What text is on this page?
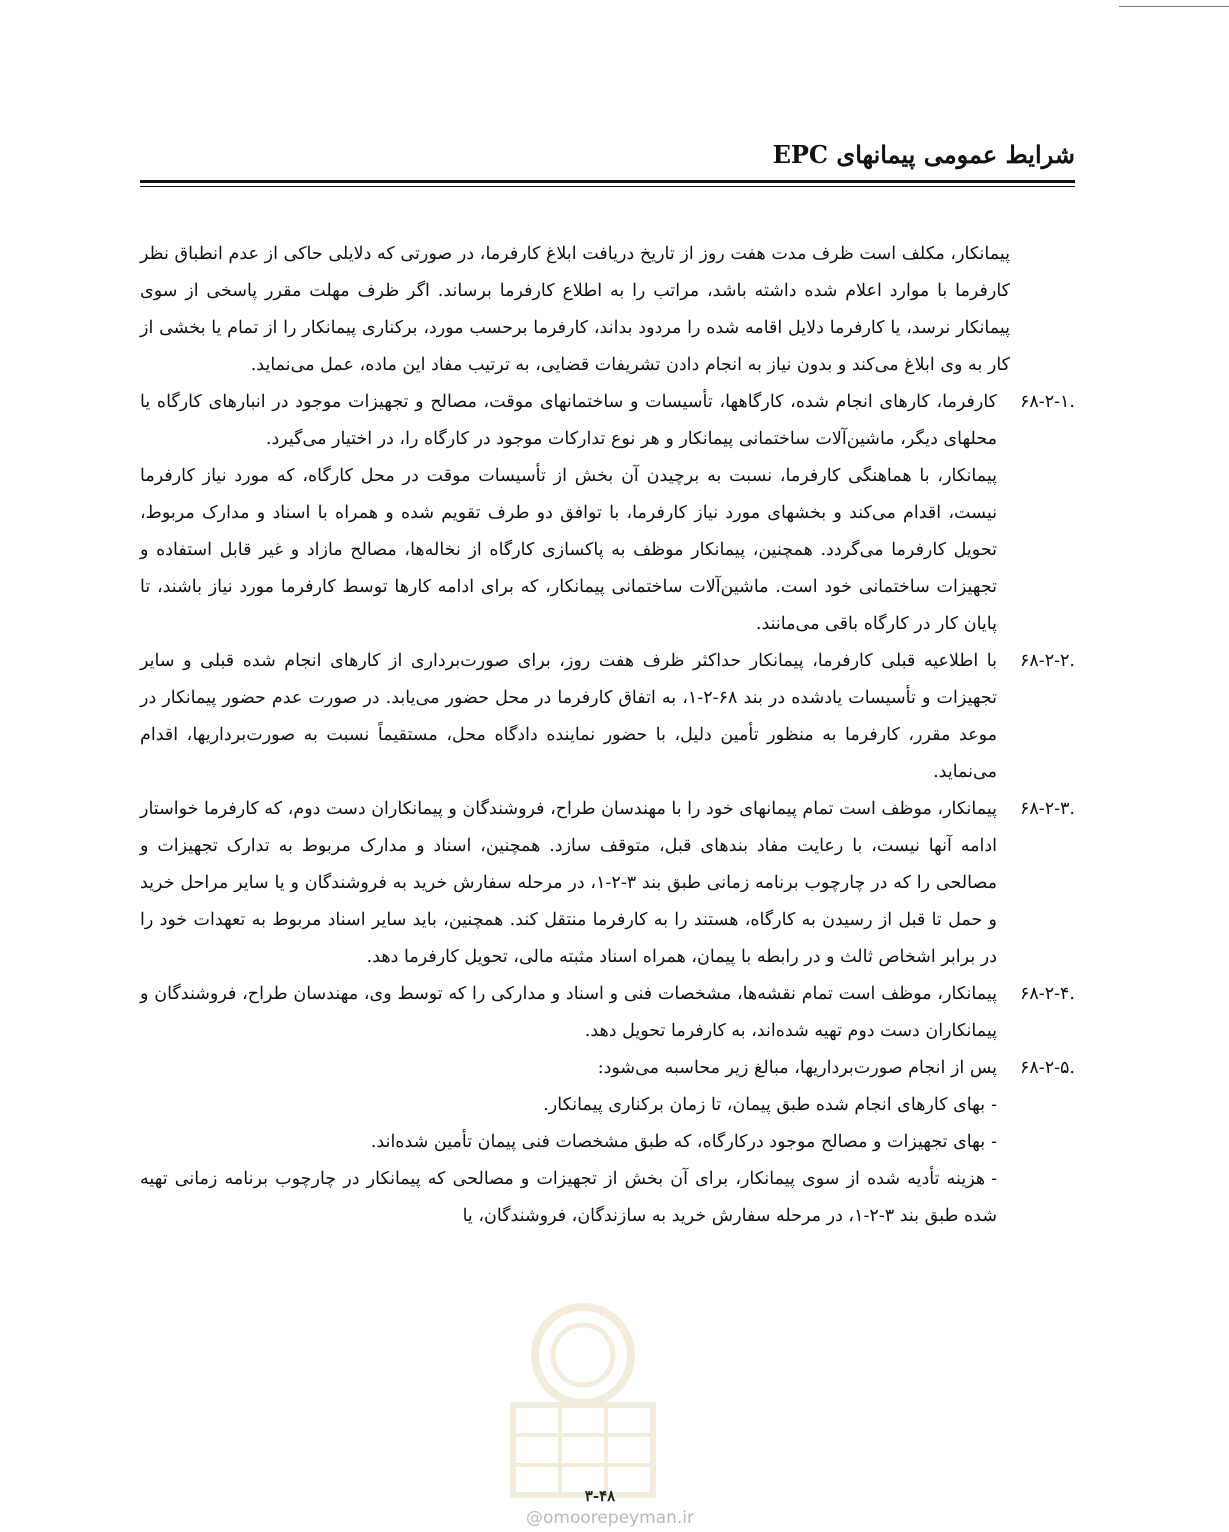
شرایط عمومی پیمانهای EPC

پیمانکار، مکلف است ظرف مدت هفت روز از تاریخ دریافت ابلاغ کارفرما، در صورتی که دلایلی حاکی از عدم انطباق نظر کارفرما با موارد اعلام شده داشته باشد، مراتب را به اطلاع کارفرما برساند. اگر ظرف مهلت مقرر پاسخی از سوی پیمانکار نرسد، یا کارفرما دلایل اقامه شده را مردود بداند، کارفرما برحسب مورد، برکناری پیمانکار را از تمام یا بخشی از کار به وی ابلاغ می‌کند و بدون نیاز به انجام دادن تشریفات قضایی، به ترتیب مفاد این ماده، عمل می‌نماید.

۶۸-۲-۱.
کارفرما، کارهای انجام شده، کارگاهها، تأسیسات و ساختمانهای موقت، مصالح و تجهیزات موجود در انبارهای کارگاه یا محلهای دیگر، ماشین‌آلات ساختمانی پیمانکار و هر نوع تدارکات موجود در کارگاه را، در اختیار می‌گیرد.

پیمانکار، با هماهنگی کارفرما، نسبت به برچیدن آن بخش از تأسیسات موقت در محل کارگاه، که مورد نیاز کارفرما نیست، اقدام می‌کند و بخشهای مورد نیاز کارفرما، با توافق دو طرف تقویم شده و همراه با اسناد و مدارک مربوط، تحویل کارفرما می‌گردد. همچنین، پیمانکار موظف به پاکسازی کارگاه از نخاله‌ها، مصالح مازاد و غیر قابل استفاده و تجهیزات ساختمانی خود است. ماشین‌آلات ساختمانی پیمانکار، که برای ادامه کارها توسط کارفرما مورد نیاز باشند، تا پایان کار در کارگاه باقی می‌مانند.

۶۸-۲-۲.
با اطلاعیه قبلی کارفرما، پیمانکار حداکثر ظرف هفت روز، برای صورت‌برداری از کارهای انجام شده قبلی و سایر تجهیزات و تأسیسات یادشده در بند ۶۸-۲-۱، به اتفاق کارفرما در محل حضور می‌یابد. در صورت عدم حضور پیمانکار در موعد مقرر، کارفرما به منظور تأمین دلیل، با حضور نماینده دادگاه محل، مستقیماً نسبت به صورت‌برداریها، اقدام می‌نماید.
۶۸-۲-۳.
پیمانکار، موظف است تمام پیمانهای خود را با مهندسان طراح، فروشندگان و پیمانکاران دست دوم، که کارفرما خواستار ادامه آنها نیست، با رعایت مفاد بندهای قبل، متوقف سازد. همچنین، اسناد و مدارک مربوط به تدارک تجهیزات و مصالحی را که در چارچوب برنامه زمانی طبق بند ۳-۲-۱، در مرحله سفارش خرید به فروشندگان و یا سایر مراحل خرید و حمل تا قبل از رسیدن به کارگاه، هستند را به کارفرما منتقل کند. همچنین، باید سایر اسناد مربوط به تعهدات خود را در برابر اشخاص ثالث و در رابطه با پیمان، همراه اسناد مثبته مالی، تحویل کارفرما دهد.
۶۸-۲-۴.
پیمانکار، موظف است تمام نقشه‌ها، مشخصات فنی و اسناد و مدارکی را که توسط وی، مهندسان طراح، فروشندگان و پیمانکاران دست دوم تهیه شده‌اند، به کارفرما تحویل دهد.
۶۸-۲-۵.
پس از انجام صورت‌برداریها، مبالغ زیر محاسبه می‌شود:

-بهای کارهای انجام شده طبق پیمان، تا زمان برکناری پیمانکار.

-بهای تجهیزات و مصالح موجود درکارگاه، که طبق مشخصات فنی پیمان تأمین شده‌اند.

-هزینه تأدیه شده از سوی پیمانکار، برای آن بخش از تجهیزات و مصالحی که پیمانکار در چارچوب برنامه زمانی تهیه شده طبق بند ۳-۲-۱، در مرحله سفارش خرید به سازندگان، فروشندگان، یا

۳-۴۸
@omoorepeyman.ir
